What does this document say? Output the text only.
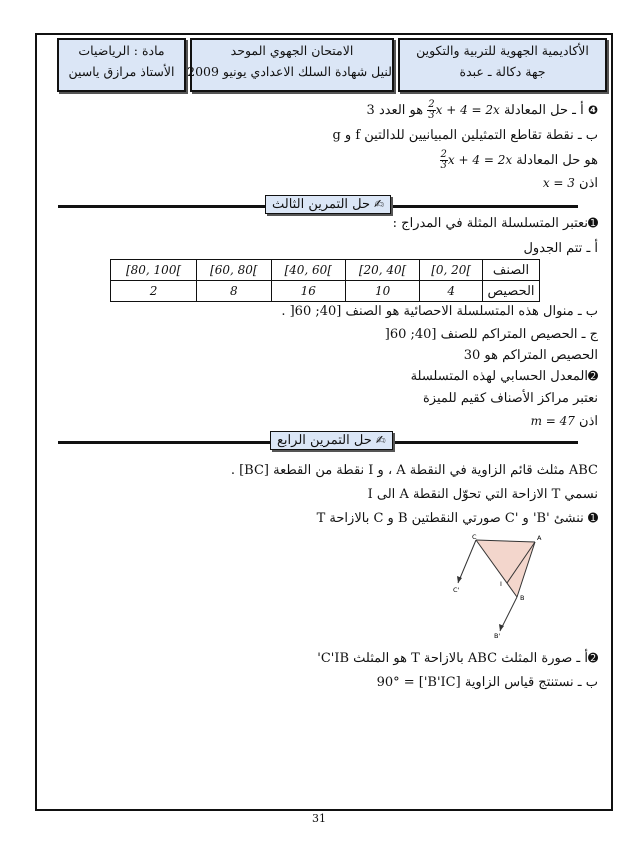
الأكاديمية الجهوية للتربية والتكوين
جهة دكالة ـ عبدة
الامتحان الجهوي الموحد
لنيل شهادة السلك الاعدادي يونيو 2009
مادة : الرياضيات
الأستاذ مرازق ياسين
❹ أ ـ حل المعادلة
$\frac{2}{3}$ x + 4 = 2x هو العدد 3
ب ـ نقطة تقاطع التمثيلين المبيانيين للدالتين f و g
هو حل المعادلة
$\frac{2}{3}$ x + 4 = 2x
اذن x = 3
✍حل التمرين الثالث
➊نعتبر المتسلسلة المثلة في المدراج :
أ ـ تتم الجدول
الصنف	[0, 20[	[20, 40[	[40, 60[	[60, 80[	[80, 100[
الحصيص	4	10	16	8	2
ب ـ منوال هذه المتسلسلة الاحصائية هو الصنف [40; 60[ .
ج ـ الحصيص المتراكم للصنف [40; 60[
الحصيص المتراكم هو 30
➋المعدل الحسابي لهذه المتسلسلة
نعتبر مراكز الأصناف كقيم للميزة
اذن m = 47
✍حل التمرين الرابع
ABC مثلث قائم الزاوية في النقطة A ، و I نقطة من القطعة [BC] .
نسمي T الازاحة التي تحوّل النقطة A الى I
➊ ننشئ 'B' و 'C صورتي النقطتين B و C بالازاحة T
C	A
I
B
C'
B'
➋أ ـ صورة المثلث ABC بالازاحة T هو المثلث C'IB'
ب ـ نستنتج قياس الزاوية [B'IC'] = 90°
31
